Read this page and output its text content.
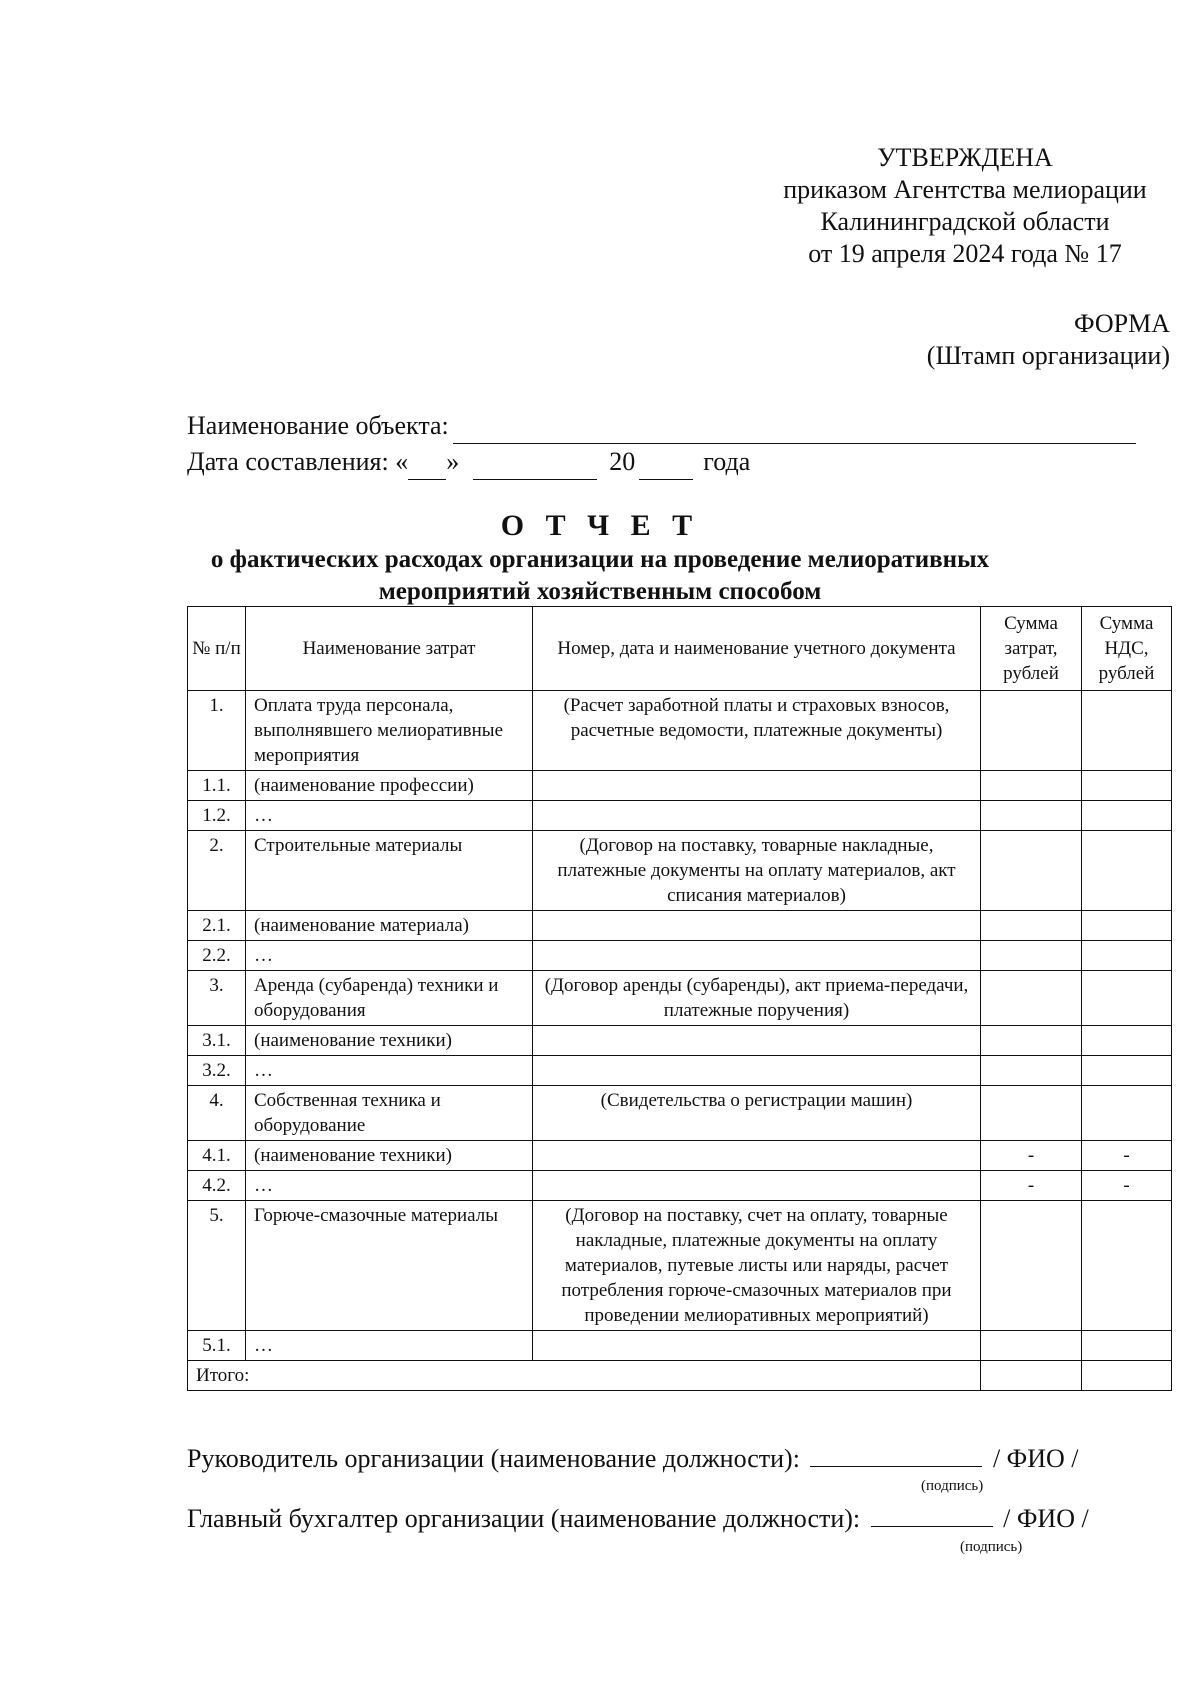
УТВЕРЖДЕНА
приказом Агентства мелиорации
Калининградской области
от 19 апреля 2024 года № 17
ФОРМА
(Штамп организации)
Наименование объекта:
Дата составления: « »	20	года
О Т Ч Е Т
о фактических расходах организации на проведение мелиоративных
мероприятий хозяйственным способом
№ п/п	Наименование затрат	Номер, дата и наименование учетного документа	Сумма затрат, рублей	Сумма НДС, рублей
1.	Оплата труда персонала, выполнявшего мелиоративные мероприятия	(Расчет заработной платы и страховых взносов, расчетные ведомости, платежные документы)		
1.1.	(наименование профессии)			
1.2.	…			
2.	Строительные материалы	(Договор на поставку, товарные накладные, платежные документы на оплату материалов, акт списания материалов)		
2.1.	(наименование материала)			
2.2.	…			
3.	Аренда (субаренда) техники и оборудования	(Договор аренды (субаренды), акт приема-передачи, платежные поручения)		
3.1.	(наименование техники)			
3.2.	…			
4.	Собственная техника и оборудование	(Свидетельства о регистрации машин)		
4.1.	(наименование техники)		-	-
4.2.	…		-	-
5.	Горюче-смазочные материалы	(Договор на поставку, счет на оплату, товарные накладные, платежные документы на оплату материалов, путевые листы или наряды, расчет потребления горюче-смазочных материалов при проведении мелиоративных мероприятий)		
5.1.	…			
Итого:				
Руководитель организации (наименование должности):	/ ФИО /
(подпись)
Главный бухгалтер организации (наименование должности):	/ ФИО /
(подпись)
